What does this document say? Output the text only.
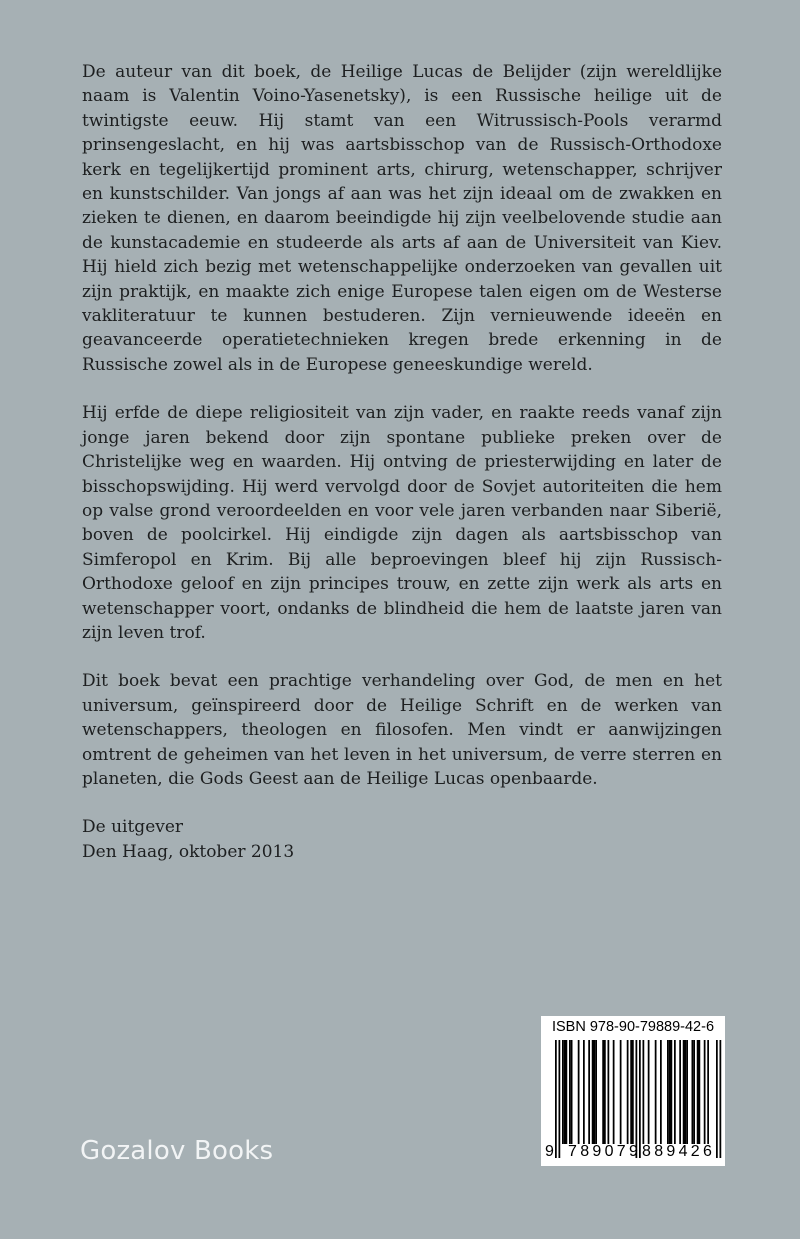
De auteur van dit boek, de Heilige Lucas de Belijder (zijn wereldlijke naam is Valentin Voino-Yasenetsky), is een Russische heilige uit de twintigste eeuw. Hij stamt van een Witrussisch-Pools verarmd prinsengeslacht, en hij was aartsbisschop van de Russisch-Orthodoxe kerk en tegelijkertijd prominent arts, chirurg, wetenschapper, schrijver en kunstschilder. Van jongs af aan was het zijn ideaal om de zwakken en zieken te dienen, en daarom beeindigde hij zijn veelbelovende studie aan de kunstacademie en studeerde als arts af aan de Universiteit van Kiev. Hij hield zich bezig met wetenschappelijke onderzoeken van gevallen uit zijn praktijk, en maakte zich enige Europese talen eigen om de Westerse vakliteratuur te kunnen bestuderen. Zijn vernieuwende ideeën en geavanceerde operatietechnieken kregen brede erkenning in de Russische zowel als in de Europese geneeskundige wereld.

Hij erfde de diepe religiositeit van zijn vader, en raakte reeds vanaf zijn jonge jaren bekend door zijn spontane publieke preken over de Christelijke weg en waarden. Hij ontving de priesterwijding en later de bisschopswijding. Hij werd vervolgd door de Sovjet autoriteiten die hem op valse grond veroordeelden en voor vele jaren verbanden naar Siberië, boven de poolcirkel. Hij eindigde zijn dagen als aartsbisschop van Simferopol en Krim. Bij alle beproevingen bleef hij zijn Russisch-Orthodoxe geloof en zijn principes trouw, en zette zijn werk als arts en wetenschapper voort, ondanks de blindheid die hem de laatste jaren van zijn leven trof.

Dit boek bevat een prachtige verhandeling over God, de men en het universum, geïnspireerd door de Heilige Schrift en de werken van wetenschappers, theologen en filosofen. Men vindt er aanwijzingen omtrent de geheimen van het leven in het universum, de verre sterren en planeten, die Gods Geest aan de Heilige Lucas openbaarde.

De uitgever
Den Haag, oktober 2013
Gozalov Books
ISBN 978-90-79889-42-6
9 789079 889426
